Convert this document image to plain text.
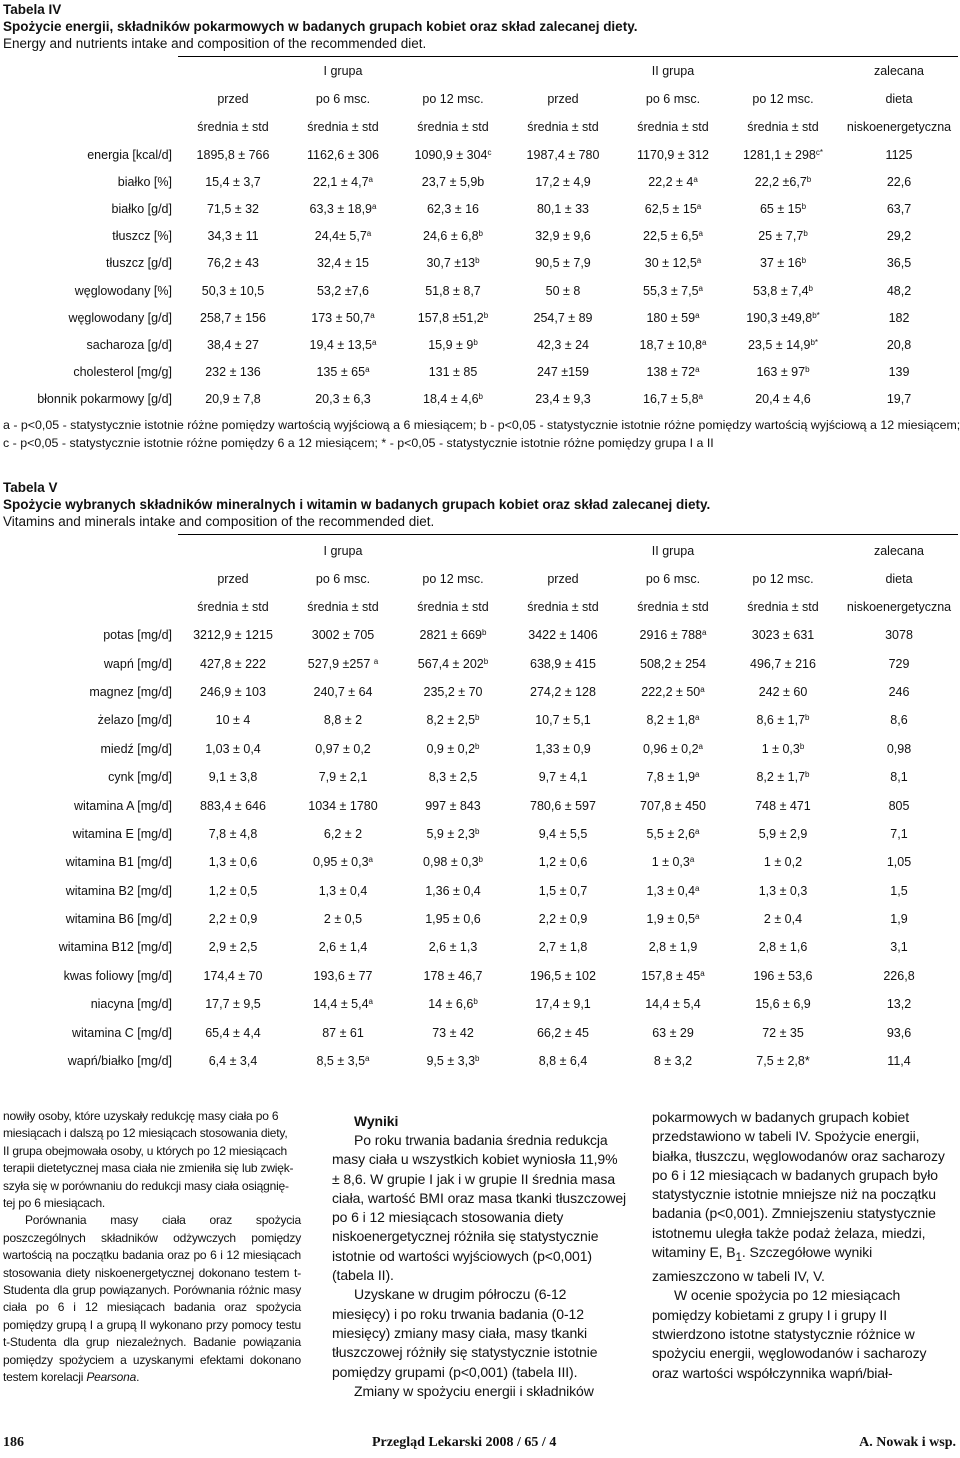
Tabela IV
Spożycie energii, składników pokarmowych w badanych grupach kobiet oraz skład zalecanej diety.
Energy and nutrients intake and composition of the recommended diet.
	I grupa			II grupa			zalecana
	przed	po 6 msc.	po 12 msc.	przed	po 6 msc.	po 12 msc.	dieta
	średnia ± std	średnia ± std	średnia ± std	średnia ± std	średnia ± std	średnia ± std	niskoenergetyczna
energia [kcal/d]	1895,8 ± 766	1162,6 ± 306	$1090,9 \pm 304^c$	1987,4 ± 780	1170,9 ± 312	$1281,1 \pm 298^{c*}$	1125
białko [%]	15,4 ± 3,7	22,1 ± 4,7$^a$	23,7 ± 5,9b	17,2 ± 4,9	$22,2 \pm 4^a$	22,2 ±6,7$^b$	22,6
białko [g/d]	71,5 ± 32	63,3 ± 18,9$^a$	62,3 ± 16	80,1 ± 33	$62,5 \pm 15^a$	$65 \pm 15^b$	63,7
tłuszcz [%]	34,3 ± 11	24,4± 5,7$^a$	24,6 ± 6,8$^b$	32,9 ± 9,6	22,5 ± 6,5$^a$	25 ± 7,7$^b$	29,2
tłuszcz [g/d]	76,2 ± 43	32,4 ± 15	$30,7 \pm 13^b$	90,5 ± 7,9	30 ± 12,5$^a$	$37 \pm 16^b$	36,5
węglowodany [%]	50,3 ± 10,5	53,2 ±7,6	51,8 ± 8,7	50 ± 8	55,3 ± 7,5$^a$	53,8 ± 7,4$^b$	48,2
węglowodany [g/d]	258,7 ± 156	173 ± 50,7$^a$	157,8 ±51,2$^b$	254,7 ± 89	$180 \pm 59^a$	$190,3 \pm 49,8^{b*}$	182
sacharoza [g/d]	38,4 ± 27	19,4 ± 13,5$^a$	$15,9 \pm 9^b$	42,3 ± 24	18,7 ± 10,8$^a$	$23,5 \pm 14,9^{b*}$	20,8
cholesterol [mg/g]	232 ± 136	$135 \pm 65^a$	131 ± 85	247 ±159	$138 \pm 72^a$	$163 \pm 97^b$	139
błonnik pokarmowy [g/d]	20,9 ± 7,8	20,3 ± 6,3	18,4 ± 4,6$^b$	23,4 ± 9,3	16,7 ± 5,8$^a$	20,4 ± 4,6	19,7
a - p<0,05 - statystycznie istotnie różne pomiędzy wartością wyjściową a 6 miesiącem; b - p<0,05 - statystycznie istotnie różne pomiędzy wartością wyjściową a 12 miesiącem;
c - p<0,05 - statystycznie istotnie różne pomiędzy 6 a 12 miesiącem; * - p<0,05 - statystycznie istotnie różne pomiędzy grupa I a II
Tabela V
Spożycie wybranych składników mineralnych i witamin w badanych grupach kobiet oraz skład zalecanej diety.
Vitamins and minerals intake and composition of the recommended diet.
	I grupa			II grupa			zalecana
	przed	po 6 msc.	po 12 msc.	przed	po 6 msc.	po 12 msc.	dieta
	średnia ± std	średnia ± std	średnia ± std	średnia ± std	średnia ± std	średnia ± std	niskoenergetyczna
potas [mg/d]	3212,9 ± 1215	3002 ± 705	$2821 \pm 669^b$	3422 ± 1406	$2916 \pm 788^a$	3023 ± 631	3078
wapń [mg/d]	427,8 ± 222	527,9 ±257 $^a$	$567,4 \pm 202^b$	638,9 ± 415	508,2 ± 254	496,7 ± 216	729
magnez [mg/d]	246,9 ± 103	240,7 ± 64	235,2 ± 70	274,2 ± 128	$222,2 \pm 50^a$	242 ± 60	246
żelazo [mg/d]	10 ± 4	8,8 ± 2	8,2 ± 2,5$^b$	10,7 ± 5,1	8,2 ± 1,8$^a$	8,6 ± 1,7$^b$	8,6
miedź [mg/d]	1,03 ± 0,4	0,97 ± 0,2	0,9 ± 0,2$^b$	1,33 ± 0,9	0,96 ± 0,2$^a$	1 ± 0,3$^b$	0,98
cynk [mg/d]	9,1 ± 3,8	7,9 ± 2,1	8,3 ± 2,5	9,7 ± 4,1	7,8 ± 1,9$^a$	8,2 ± 1,7$^b$	8,1
witamina A [mg/d]	883,4 ± 646	1034 ± 1780	997 ± 843	780,6 ± 597	707,8 ± 450	748 ± 471	805
witamina E [mg/d]	7,8 ± 4,8	6,2 ± 2	5,9 ± 2,3$^b$	9,4 ± 5,5	5,5 ± 2,6$^a$	5,9 ± 2,9	7,1
witamina B1 [mg/d]	1,3 ± 0,6	0,95 ± 0,3$^a$	0,98 ± 0,3$^b$	1,2 ± 0,6	1 ± 0,3$^a$	1 ± 0,2	1,05
witamina B2 [mg/d]	1,2 ± 0,5	1,3 ± 0,4	1,36 ± 0,4	1,5 ± 0,7	1,3 ± 0,4$^a$	1,3 ± 0,3	1,5
witamina B6 [mg/d]	2,2 ± 0,9	2 ± 0,5	1,95 ± 0,6	2,2 ± 0,9	1,9 ± 0,5$^a$	2 ± 0,4	1,9
witamina B12 [mg/d]	2,9 ± 2,5	2,6 ± 1,4	2,6 ± 1,3	2,7 ± 1,8	2,8 ± 1,9	2,8 ± 1,6	3,1
kwas foliowy [mg/d]	174,4 ± 70	193,6 ± 77	178 ± 46,7	196,5 ± 102	$157,8 \pm 45^a$	196 ± 53,6	226,8
niacyna [mg/d]	17,7 ± 9,5	14,4 ± 5,4$^a$	14 ± 6,6$^b$	17,4 ± 9,1	14,4 ± 5,4	15,6 ± 6,9	13,2
witamina C [mg/d]	65,4 ± 4,4	87 ± 61	73 ± 42	66,2 ± 45	63 ± 29	72 ± 35	93,6
wapń/białko [mg/d]	6,4 ± 3,4	8,5 ± 3,5$^a$	9,5 ± 3,3$^b$	8,8 ± 6,4	8 ± 3,2	7,5 ± 2,8*	11,4

nowiły osoby, które uzyskały redukcję masy ciała po 6

miesiącach i dalszą po 12 miesiącach stosowania diety,

II grupa obejmowała osoby, u których po 12 miesiącach

terapii dietetycznej masa ciała nie zmieniła się lub zwięk-

szyła się w porównaniu do redukcji masy ciała osiągnię-

tej po 6 miesiącach.

Porównania masy ciała oraz spożycia poszczególnych składników odżywczych pomiędzy wartością na początku badania oraz po 6 i 12 miesiącach stosowania diety niskoenergetycznej dokonano testem t-Studenta dla grup powiązanych. Porównania różnic masy ciała po 6 i 12 miesiącach badania oraz spożycia pomiędzy grupą I a grupą II wykonano przy pomocy testu t-Studenta dla grup niezależnych. Badanie powiązania pomiędzy spożyciem a uzyskanymi efektami dokonano testem korelacji Pearsona.

Wyniki

Po roku trwania badania średnia redukcja masy ciała u wszystkich kobiet wyniosła 11,9% ± 8,6. W grupie I jak i w grupie II średnia masa ciała, wartość BMI oraz masa tkanki tłuszczowej po 6 i 12 miesiącach stosowania diety niskoenergetycznej różniła się statystycznie istotnie od wartości wyjściowych (p<0,001) (tabela II).

Uzyskane w drugim półroczu (6-12 miesięcy) i po roku trwania badania (0-12 miesięcy) zmiany masy ciała, masy tkanki tłuszczowej różniły się statystycznie istotnie pomiędzy grupami (p<0,001) (tabela III).

Zmiany w spożyciu energii i składników

pokarmowych w badanych grupach kobiet przedstawiono w tabeli IV. Spożycie energii, białka, tłuszczu, węglowodanów oraz sacharozy po 6 i 12 miesiącach w badanych grupach było statystycznie istotnie mniejsze niż na początku badania (p<0,001). Zmniejszeniu statystycznie istotnemu uległa także podaż żelaza, miedzi, witaminy E, $B_1$. Szczegółowe wyniki zamieszczono w tabeli IV, V.

W ocenie spożycia po 12 miesiącach pomiędzy kobietami z grupy I i grupy II stwierdzono istotne statystycznie różnice w spożyciu energii, węglowodanów i sacharozy oraz wartości współczynnika wapń/biał-

186	Przegląd Lekarski 2008 / 65 / 4	A. Nowak i wsp.
